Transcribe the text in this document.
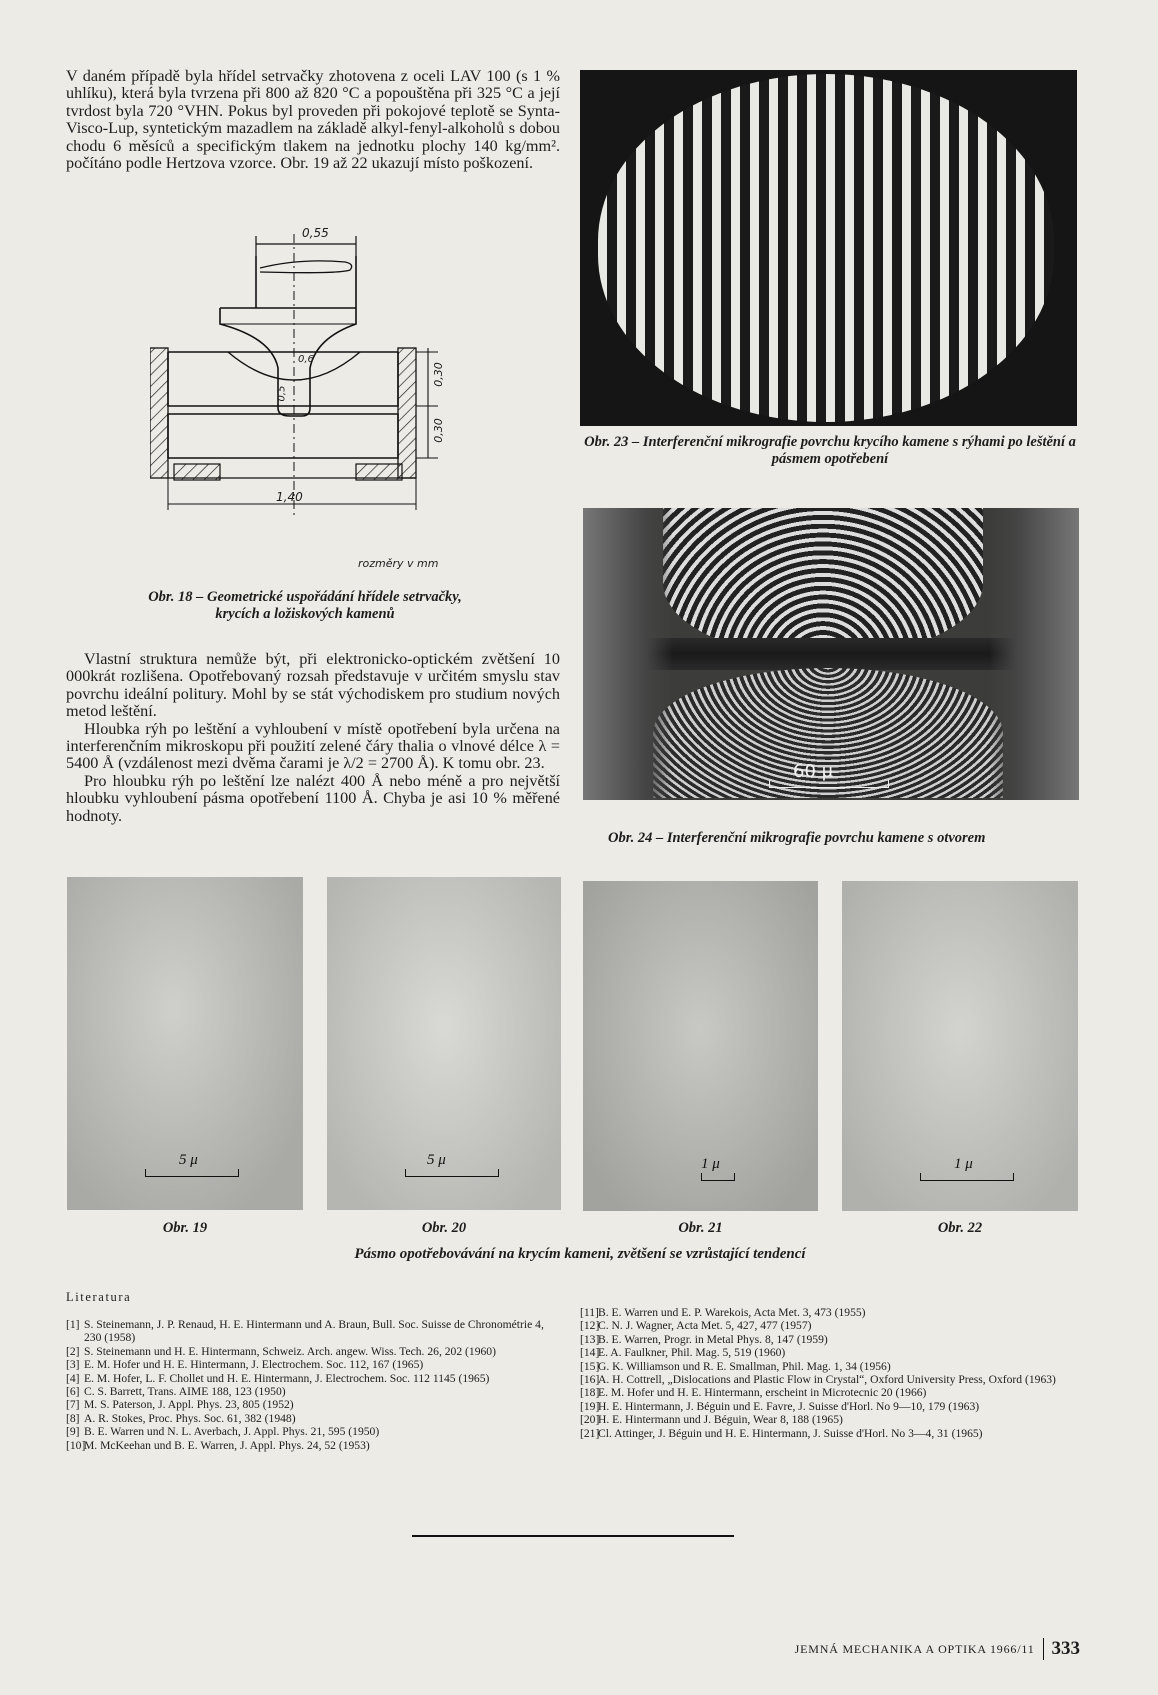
V daném případě byla hřídel setrvačky zhotovena z oceli LAV 100 (s 1 % uhlíku), která byla tvrzena při 800 až 820 °C a popouštěna při 325 °C a její tvrdost byla 720 °VHN. Pokus byl proveden při pokojové teplotě se Synta-Visco-Lup, syntetickým mazadlem na základě alkyl-fenyl-alkoholů s dobou chodu 6 měsíců a specifickým tlakem na jednotku plochy 140 kg/mm². počítáno podle Hertzova vzorce. Obr. 19 až 22 ukazují místo poškození.

0,55
0,6
0,5
0,30
0,30
1,40
rozměry v mm
Obr. 18 – Geometrické uspořádání hřídele setrvačky, krycích a ložiskových kamenů

Vlastní struktura nemůže být, při elektronicko-optickém zvětšení 10 000krát rozlišena. Opotřebovaný rozsah představuje v určitém smyslu stav povrchu ideální politury. Mohl by se stát východiskem pro studium nových metod leštění.

Hloubka rýh po leštění a vyhloubení v místě opotřebení byla určena na interferenčním mikroskopu při použití zelené čáry thalia o vlnové délce λ = 5400 Å (vzdálenost mezi dvěma čarami je λ/2 = 2700 Å). K tomu obr. 23.

Pro hloubku rýh po leštění lze nalézt 400 Å nebo méně a pro největší hloubku vyhloubení pásma opotřebení 1100 Å. Chyba je asi 10 % měřené hodnoty.

Obr. 23 – Interferenční mikrografie povrchu krycího kamene s rýhami po leštění a pásmem opotřebení
60 μ
Obr. 24 – Interferenční mikrografie povrchu kamene s otvorem
5 μ	5 μ	1 μ	1 μ
Obr. 19	Obr. 20	Obr. 21	Obr. 22
Pásmo opotřebovávání na krycím kameni, zvětšení se vzrůstající tendencí
Literatura
[1] S. Steinemann, J. P. Renaud, H. E. Hintermann und A. Braun, Bull. Soc. Suisse de Chronométrie 4, 230 (1958)
[2] S. Steinemann und H. E. Hintermann, Schweiz. Arch. angew. Wiss. Tech. 26, 202 (1960)
[3] E. M. Hofer und H. E. Hintermann, J. Electrochem. Soc. 112, 167 (1965)
[4] E. M. Hofer, L. F. Chollet und H. E. Hintermann, J. Electrochem. Soc. 112 1145 (1965)
[6] C. S. Barrett, Trans. AIME 188, 123 (1950)
[7] M. S. Paterson, J. Appl. Phys. 23, 805 (1952)
[8] A. R. Stokes, Proc. Phys. Soc. 61, 382 (1948)
[9] B. E. Warren und N. L. Averbach, J. Appl. Phys. 21, 595 (1950)
[10]
M. McKeehan und B. E. Warren, J. Appl. Phys. 24, 52 (1953)
[11] B. E. Warren und E. P. Warekois, Acta Met. 3, 473 (1955)
[12]
C. N. J. Wagner, Acta Met. 5, 427, 477 (1957)
[13]
B. E. Warren, Progr. in Metal Phys. 8, 147 (1959)
[14]
E. A. Faulkner, Phil. Mag. 5, 519 (1960)
[15]
G. K. Williamson und R. E. Smallman, Phil. Mag. 1, 34 (1956)
[16]
A. H. Cottrell, „Dislocations and Plastic Flow in Crystal“, Oxford University Press, Oxford (1963)
[18]
E. M. Hofer und H. E. Hintermann, erscheint in Microtecnic 20 (1966)
[19]
H. E. Hintermann, J. Béguin und E. Favre, J. Suisse d'Horl. No 9—10, 179 (1963)
[20]
H. E. Hintermann und J. Béguin, Wear 8, 188 (1965)
[21]
Cl. Attinger, J. Béguin und H. E. Hintermann, J. Suisse d'Horl. No 3—4, 31 (1965)
JEMNÁ MECHANIKA A OPTIKA 1966/11 333
